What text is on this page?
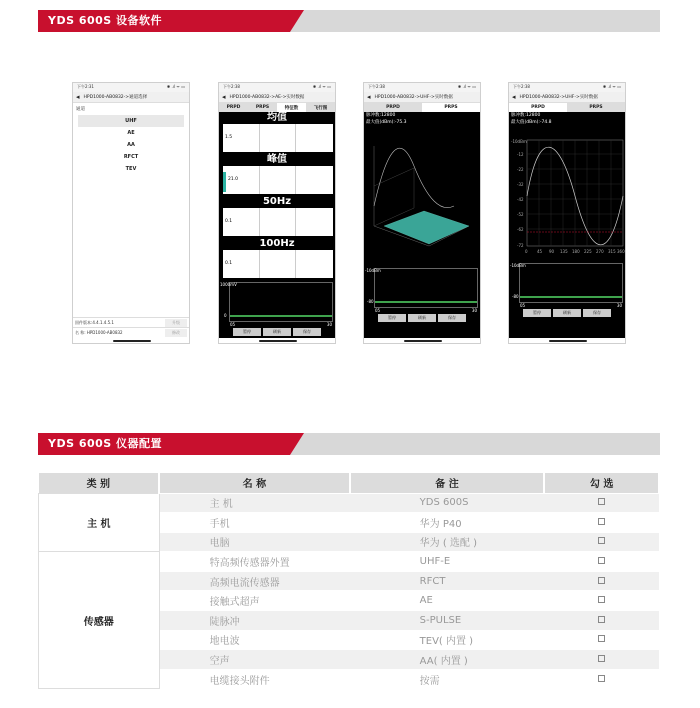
YDS 600S 设备软件
下午2:31	✱ .ıl ᯤ ▭
◂ HPD1000-AB0832->通道选择
通道
UHF
AE
AA
RFCT
TEV
固件版本:4.4.1.4.5.1	升级
名 称: HPD1000-AB0832	修改
下午2:38	✱ .ıl ᯤ ▭
◂ HPD1000-AB0832->AE->实时数据
PRPD	PRPS	特征数	飞行图
均值
1.5
峰值
21.0
50Hz
0.1
100Hz
0.1
1000mV
0
05	30
暂停	刷新	保存
下午2:38	✱ .ıl ᯤ ▭
◂ HPD1000-AB0832->UHF->实时数据
PRPD	PRPS
脉冲数:12800
最大值(dBm):-75.3
-10dBm
-80
05	30
暂停	刷新	保存
下午2:38	✱ .ıl ᯤ ▭
◂ HPD1000-AB0832->UHF->实时数据
PRPD	PRPS
脉冲数:12800
最大值(dBm):-74.8
-10dBm
-12
-22
-32
-42
-52
-62
-72
0 45 90 135 180 225 270 315 360
-10dBm
-80
05	30
暂停	刷新	保存
YDS 600S 仪器配置
类 别	名 称	备 注	勾 选
主 机	主 机	YDS 600S	
	手机	华为 P40	
	电脑	华为 ( 选配 )	
传感器	特高频传感器外置	UHF-E	
	高频电流传感器	RFCT	
	接触式超声	AE	
	陡脉冲	S-PULSE	
	地电波	TEV( 内置 )	
	空声	AA( 内置 )	
	电缆接头附件	按需	
